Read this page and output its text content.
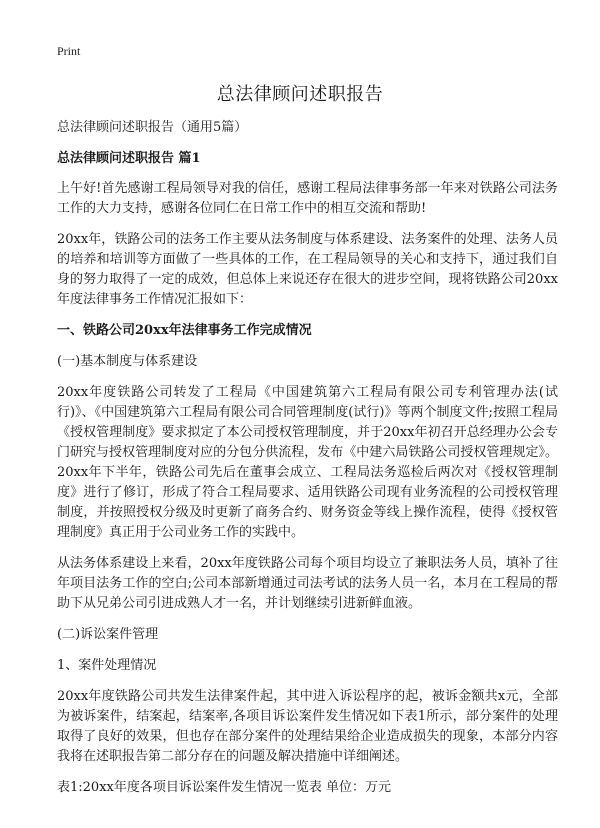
Print
总法律顾问述职报告

总法律顾问述职报告（通用5篇）

总法律顾问述职报告 篇1

上午好!首先感谢工程局领导对我的信任，感谢工程局法律事务部一年来对铁路公司法务工作的大力支持，感谢各位同仁在日常工作中的相互交流和帮助!

20xx年，铁路公司的法务工作主要从法务制度与体系建设、法务案件的处理、法务人员的培养和培训等方面做了一些具体的工作，在工程局领导的关心和支持下，通过我们自身的努力取得了一定的成效，但总体上来说还存在很大的进步空间，现将铁路公司20xx年度法律事务工作情况汇报如下：

一、铁路公司20xx年法律事务工作完成情况

(一)基本制度与体系建设

20xx年度铁路公司转发了工程局《中国建筑第六工程局有限公司专利管理办法(试行)》、《中国建筑第六工程局有限公司合同管理制度(试行)》等两个制度文件;按照工程局《授权管理制度》要求拟定了本公司授权管理制度，并于20xx年初召开总经理办公会专门研究与授权管理制度对应的分包分供流程，发布《中建六局铁路公司授权管理规定》。20xx年下半年，铁路公司先后在董事会成立、工程局法务巡检后两次对《授权管理制度》进行了修订，形成了符合工程局要求、适用铁路公司现有业务流程的公司授权管理制度，并按照授权分级及时更新了商务合约、财务资金等线上操作流程，使得《授权管理制度》真正用于公司业务工作的实践中。

从法务体系建设上来看，20xx年度铁路公司每个项目均设立了兼职法务人员，填补了往年项目法务工作的空白;公司本部新增通过司法考试的法务人员一名，本月在工程局的帮助下从兄弟公司引进成熟人才一名，并计划继续引进新鲜血液。

(二)诉讼案件管理

1、案件处理情况

20xx年度铁路公司共发生法律案件起，其中进入诉讼程序的起，被诉金额共x元，全部为被诉案件，结案起，结案率,各项目诉讼案件发生情况如下表1所示，部分案件的处理取得了良好的效果，但也存在部分案件的处理结果给企业造成损失的现象，本部分内容我将在述职报告第二部分存在的问题及解决措施中详细阐述。

表1:20xx年度各项目诉讼案件发生情况一览表 单位：万元
